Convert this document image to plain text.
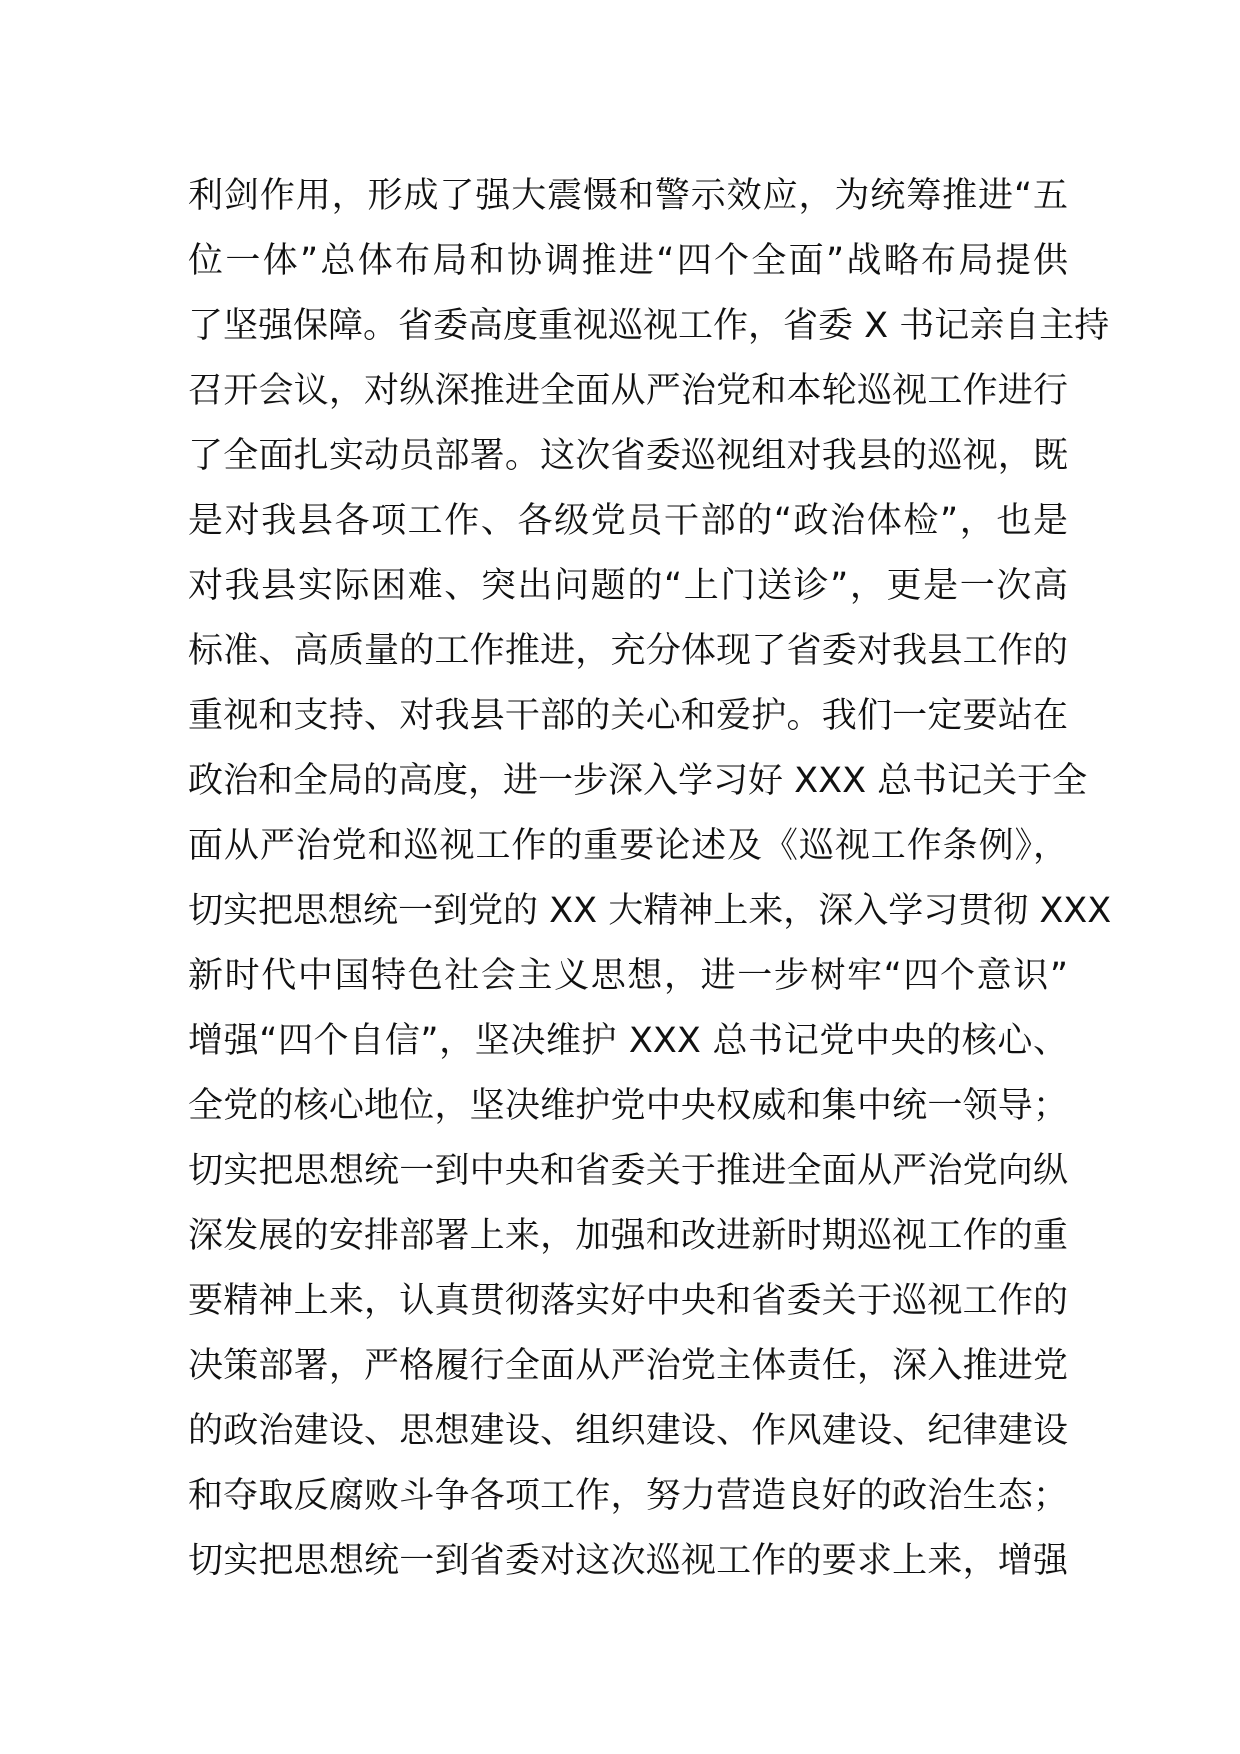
利剑作用，形成了强大震慑和警示效应，为统筹推进“五
位一体”总体布局和协调推进“四个全面”战略布局提供
了坚强保障。省委高度重视巡视工作，省委 X 书记亲自主持
召开会议，对纵深推进全面从严治党和本轮巡视工作进行
了全面扎实动员部署。这次省委巡视组对我县的巡视，既
是对我县各项工作、各级党员干部的“政治体检”，也是
对我县实际困难、突出问题的“上门送诊”，更是一次高
标准、高质量的工作推进，充分体现了省委对我县工作的
重视和支持、对我县干部的关心和爱护。我们一定要站在
政治和全局的高度，进一步深入学习好 XXX 总书记关于全
面从严治党和巡视工作的重要论述及《巡视工作条例》，
切实把思想统一到党的 XX 大精神上来，深入学习贯彻 XXX
新时代中国特色社会主义思想，进一步树牢“四个意识”
增强“四个自信”，坚决维护 XXX 总书记党中央的核心、
全党的核心地位，坚决维护党中央权威和集中统一领导；
切实把思想统一到中央和省委关于推进全面从严治党向纵
深发展的安排部署上来，加强和改进新时期巡视工作的重
要精神上来，认真贯彻落实好中央和省委关于巡视工作的
决策部署，严格履行全面从严治党主体责任，深入推进党
的政治建设、思想建设、组织建设、作风建设、纪律建设
和夺取反腐败斗争各项工作，努力营造良好的政治生态；
切实把思想统一到省委对这次巡视工作的要求上来，增强
